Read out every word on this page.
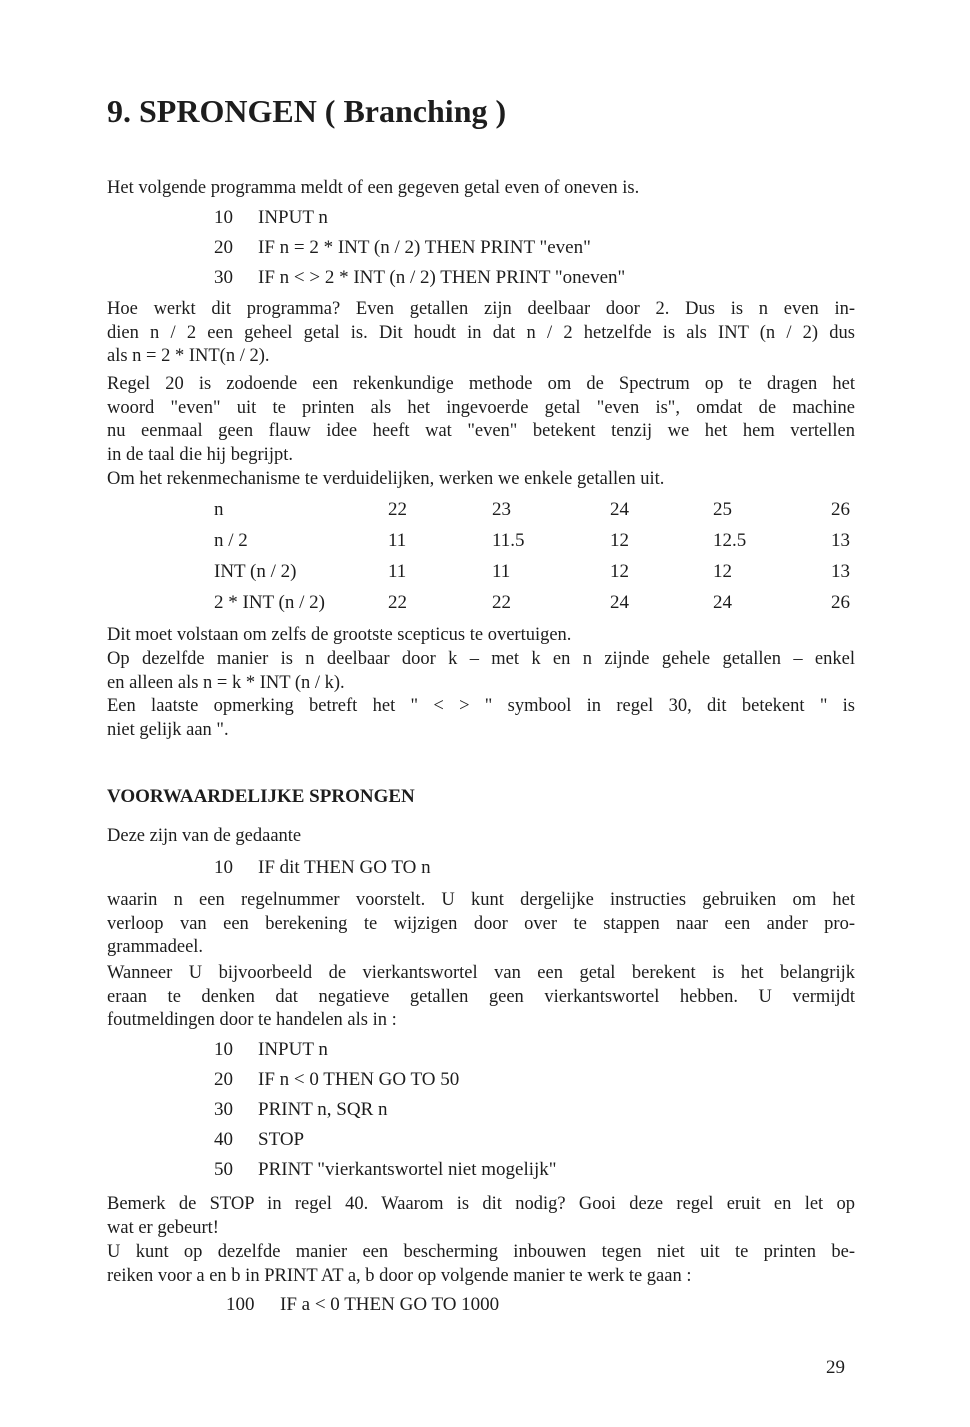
9. SPRONGEN ( Branching )
Het volgende programma meldt of een gegeven getal even of oneven is.
10 INPUT n
20 IF n = 2 * INT (n / 2) THEN PRINT "even"
30 IF n < > 2 * INT (n / 2) THEN PRINT "oneven"
Hoe werkt dit programma? Even getallen zijn deelbaar door 2. Dus is n even in-
dien n / 2 een geheel getal is. Dit houdt in dat n / 2 hetzelfde is als INT (n / 2) dus
als n = 2 * INT(n / 2).
Regel 20 is zodoende een rekenkundige methode om de Spectrum op te dragen het
woord "even" uit te printen als het ingevoerde getal "even is", omdat de machine
nu eenmaal geen flauw idee heeft wat "even" betekent tenzij we het hem vertellen
in de taal die hij begrijpt.
Om het rekenmechanisme te verduidelijken, werken we enkele getallen uit.
n	22	23	24	25	26
n / 2	11	11.5	12	12.5	13
INT (n / 2)	11	11	12	12	13
2 * INT (n / 2)	22	22	24	24	26
Dit moet volstaan om zelfs de grootste scepticus te overtuigen.
Op dezelfde manier is n deelbaar door k – met k en n zijnde gehele getallen – enkel
en alleen als n = k * INT (n / k).
Een laatste opmerking betreft het " < > " symbool in regel 30, dit betekent " is
niet gelijk aan ".
VOORWAARDELIJKE SPRONGEN
Deze zijn van de gedaante
10 IF dit THEN GO TO n
waarin n een regelnummer voorstelt. U kunt dergelijke instructies gebruiken om het
verloop van een berekening te wijzigen door over te stappen naar een ander pro-
grammadeel.
Wanneer U bijvoorbeeld de vierkantswortel van een getal berekent is het belangrijk
eraan te denken dat negatieve getallen geen vierkantswortel hebben. U vermijdt
foutmeldingen door te handelen als in :
10 INPUT n
20 IF n < 0 THEN GO TO 50
30 PRINT n, SQR n
40 STOP
50 PRINT "vierkantswortel niet mogelijk"
Bemerk de STOP in regel 40. Waarom is dit nodig? Gooi deze regel eruit en let op
wat er gebeurt!
U kunt op dezelfde manier een bescherming inbouwen tegen niet uit te printen be-
reiken voor a en b in PRINT AT a, b door op volgende manier te werk te gaan :
100 IF a < 0 THEN GO TO 1000
29
